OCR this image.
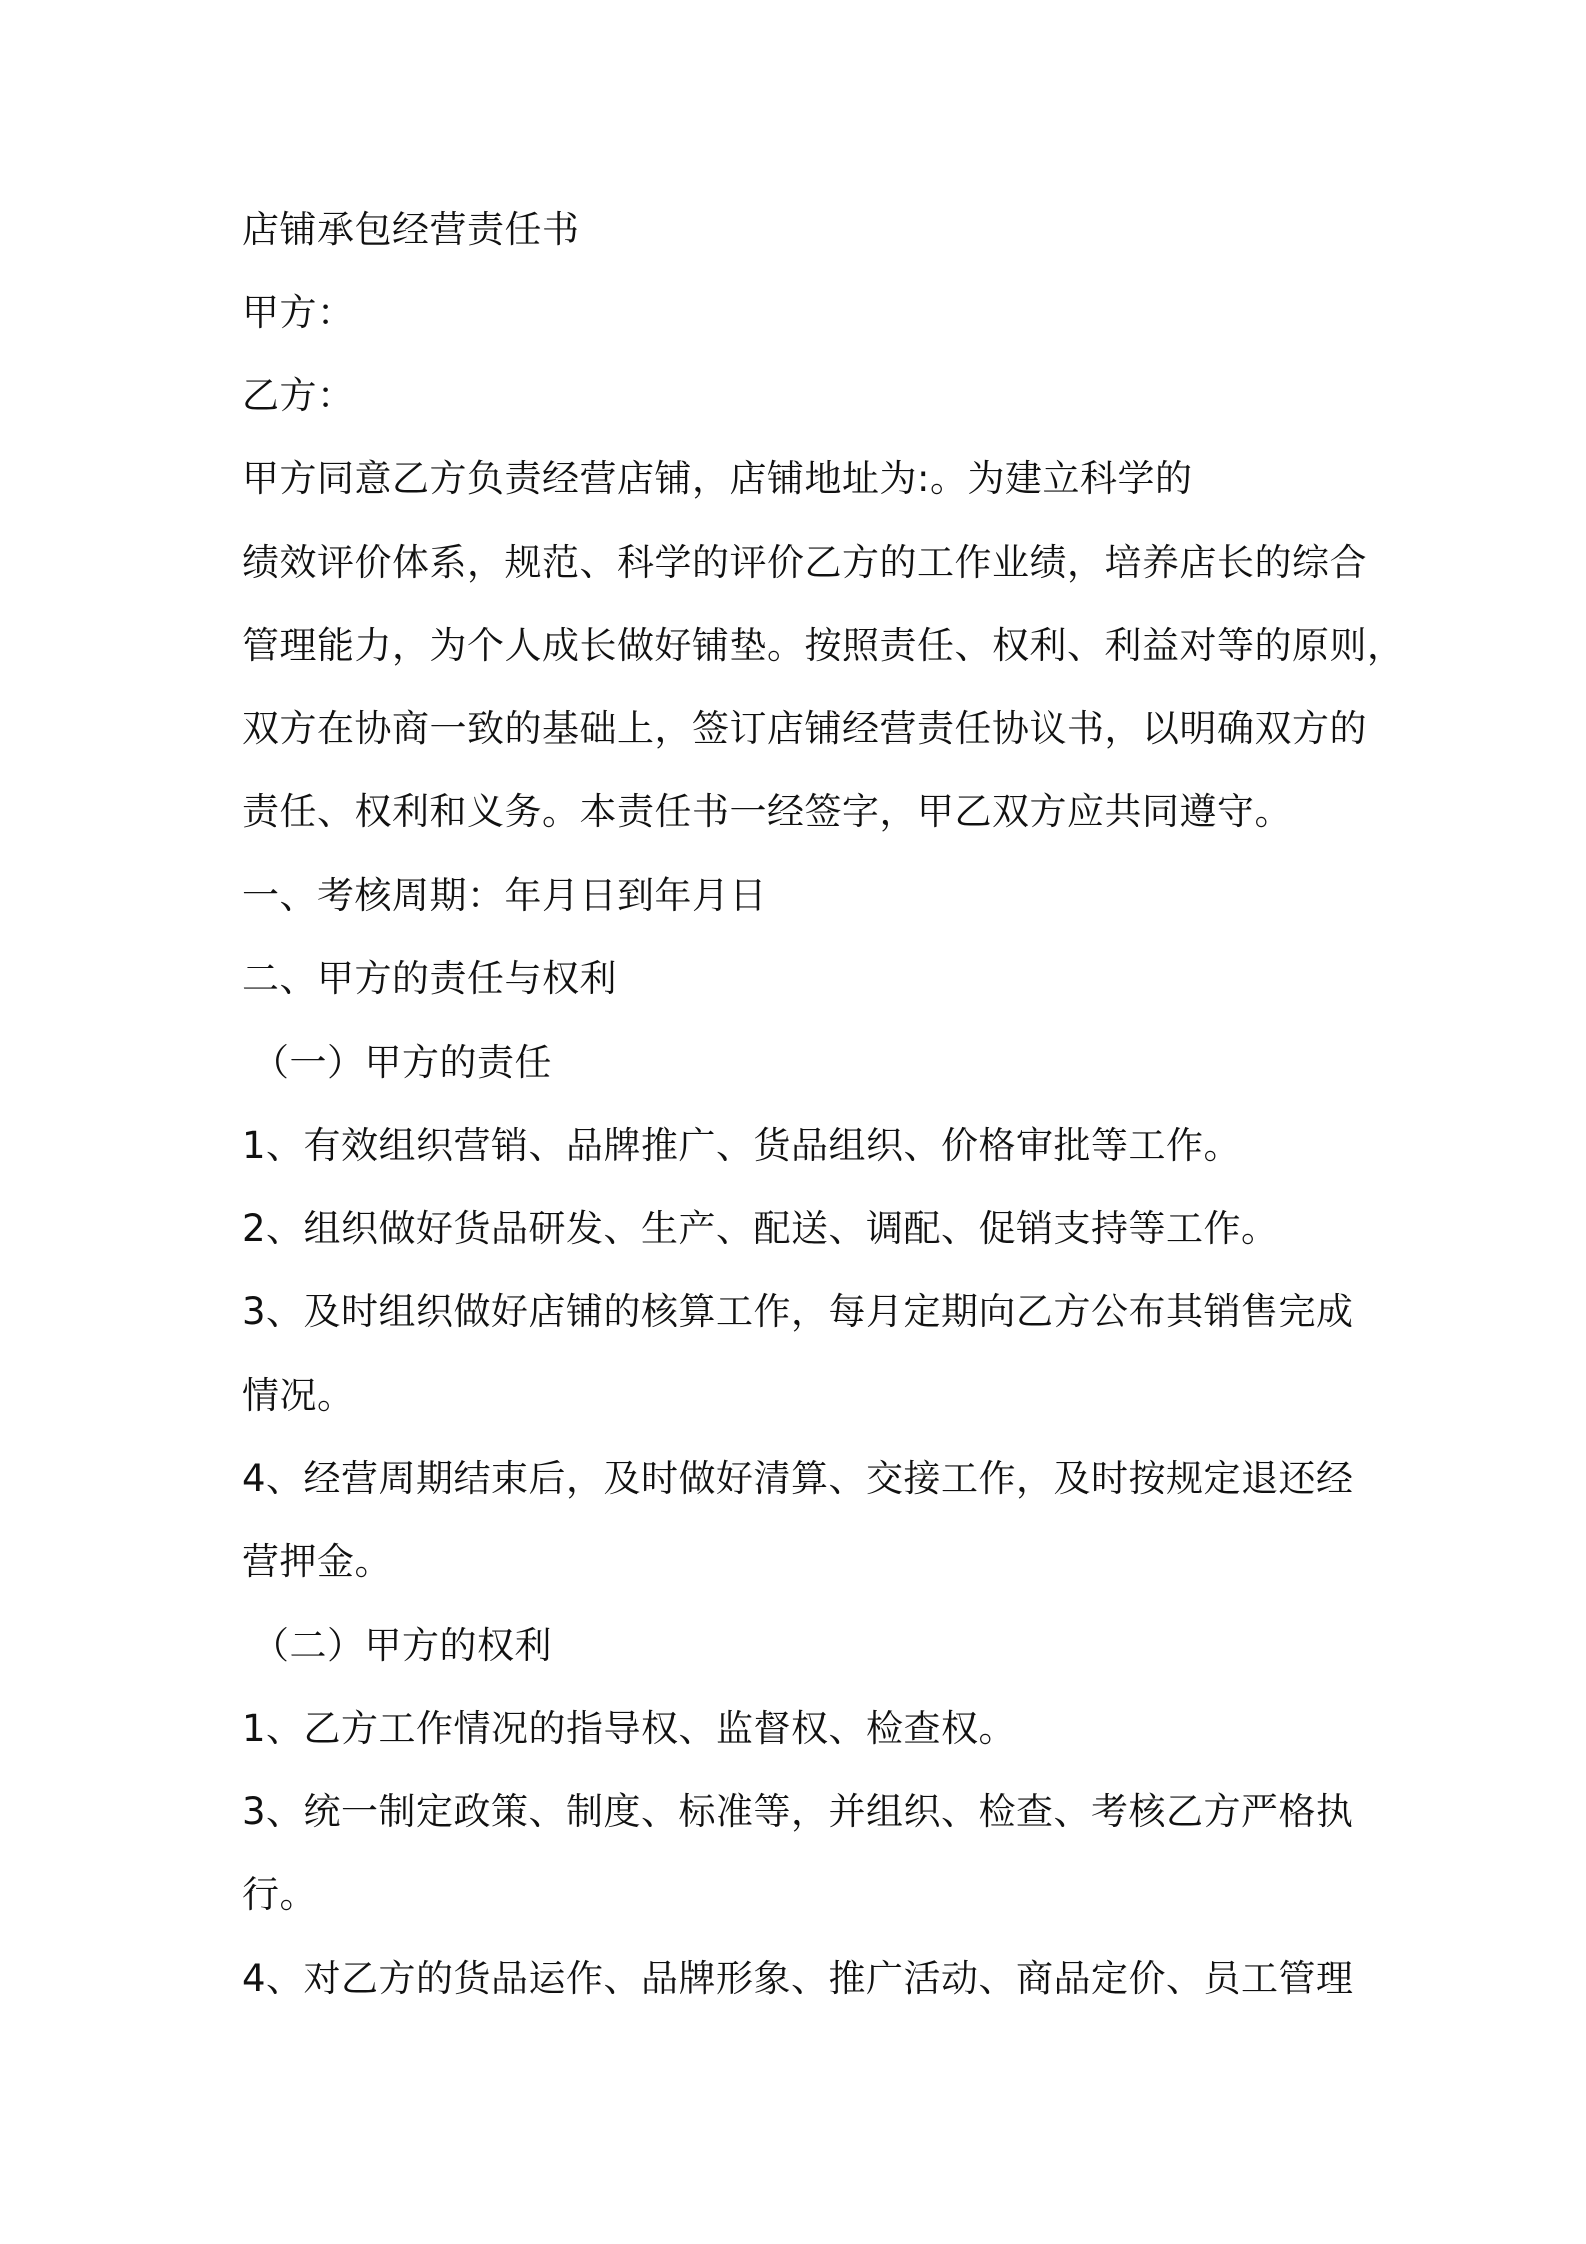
店铺承包经营责任书
甲方：
乙方：
甲方同意乙方负责经营店铺，店铺地址为:。为建立科学的
绩效评价体系，规范、科学的评价乙方的工作业绩，培养店长的综合
管理能力，为个人成长做好铺垫。按照责任、权利、利益对等的原则，
双方在协商一致的基础上，签订店铺经营责任协议书，以明确双方的
责任、权利和义务。本责任书一经签字，甲乙双方应共同遵守。
一、考核周期：年月日到年月日
二、甲方的责任与权利
（一）甲方的责任
1、有效组织营销、品牌推广、货品组织、价格审批等工作。
2、组织做好货品研发、生产、配送、调配、促销支持等工作。
3、及时组织做好店铺的核算工作，每月定期向乙方公布其销售完成
情况。
4、经营周期结束后，及时做好清算、交接工作，及时按规定退还经
营押金。
（二）甲方的权利
1、乙方工作情况的指导权、监督权、检查权。
3、统一制定政策、制度、标准等，并组织、检查、考核乙方严格执
行。
4、对乙方的货品运作、品牌形象、推广活动、商品定价、员工管理
